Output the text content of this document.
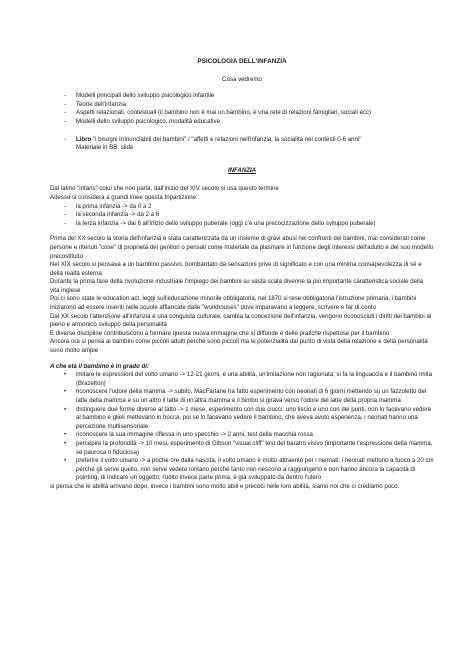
PSICOLOGIA DELL'INFANZIA
Cosa vedremo
- Modelli principali dello sviluppo psicologico infantile
- Teorie dell'infanzia
- Aspetti relazionali, contestuali (il bambino non è mai un bambino, è una rete di relazioni famigliari, sociali ecc)
- Modelli dello sviluppo psicologico, modalità educative
- Libro "i bisogni irrinunciabili dei bambini" / "affetti e relazioni nell'infanzia, la socialità nei contesti 0-6 anni"
Materiale in BB, slide
INFANZIA

Dal latino "infans" colui che non parla, dall'inizio del XIV secolo si usa questo termine

Adesso si considera a grandi linee questa tripartizione:

- la prima infanzia -> da 0 a 2
- la seconda infanzia -> da 2 a 6
- la terza infanzia -> dai 6 all'inizio dello sviluppo puberale (oggi c'è una precocizzazione dello sviluppo puberale)

Prima del XX secolo la storia dell'infanzia è stata caratterizzata da un insieme di gravi abusi nei confronti dei bambini, mai considerati come persone e ritenuti "cose" di proprietà dei genitori o pensati come materiale da plasmare in funzione degli interessi dell'adulto e del suo modello precostituito

Nel XIX secolo si pensava a un bambino passivo, bombardato da sensazioni prive di significato e con una minima consapevolezza di sé e della realtà esterna

Durante la prima fase della rivoluzione industriale l'impiego dei bambini su vasta scala divenne la più importante caratteristica sociale della vita inglese

Poi ci sono state le education act, leggi sull'educazione minorile obbligatoria, nel 1870 si rese obbligatoria l'istruzione primaria, i bambini iniziarono ad essere inseriti nelle scuole affiancate dalle "workhouses" dove imparavano a leggere, scrivere e far di conto

Dal XX secolo l'attenzione all'infanzia è una conquista culturale, cambia la concezione dell'infanzia, vengono riconosciuti i diritti dei bambini al pieno e armonico sviluppo della personalità

E diverse discipline contribuiscono a formare questa nuova immagine che si diffonde e delle pratiche rispettose per il bambino

Ancora ora si pensa ai bambini come piccoli adulti perché sono piccoli ma le potenzialità dal punto di vista della relazione e della personalità sono molto ampie

A che età il bambino è in grado di:
• imitare le espressioni del volto umano -> 12-21 giorni, è una abilità, un'imitazione non ragionata; si fa la linguaccia e il bambino imita (Brazelton)
• riconoscere l'odore della mamma -> subito, MacFarlane ha fatto esperimento con neonati di 6 giorni mettendo su un fazzoletto del latte della mamma e su un altro il latte di un'altra mamma e il bimbo si girava verso l'odore del latte della propria mamma
• distinguere due forme diverse al tatto -> 1 mese, esperimento con due ciucci: uno liscio e uno con dei punti, non lo facevano vedere al bambino e glieli mettevano in bocca, poi se lo facevano vedere il bambino, che aveva avuto esperienza, i neonati hanno una percezione multisensoriale
• riconoscere la sua immagine riflessa in uno specchio -> 2 anni, test della macchia rossa
• percepire la profondità -> 10 mesi, esperimento di Gibson "visual cliff" test del baratro visivo (importante l'espressione della mamma, se paurosa o fiduciosa)
• preferire il volto umano -> a poche ore dalla nascita, il volto umano è molto attraente per i neonati; i neonati mettono a fuoco a 20 cm perché gli serve quello, non serve vedere lontano perché tanto non riescono a raggiungerlo e non hanno ancora la capacità di pointing, di indicare un oggetto; l'udito invece parte prima, è già sviluppato da dentro l'utero

si pensa che le abilità arrivano dopo, invece i bambini sono molto abili e precoci nelle loro abilità, siamo noi che ci crediamo poco.
